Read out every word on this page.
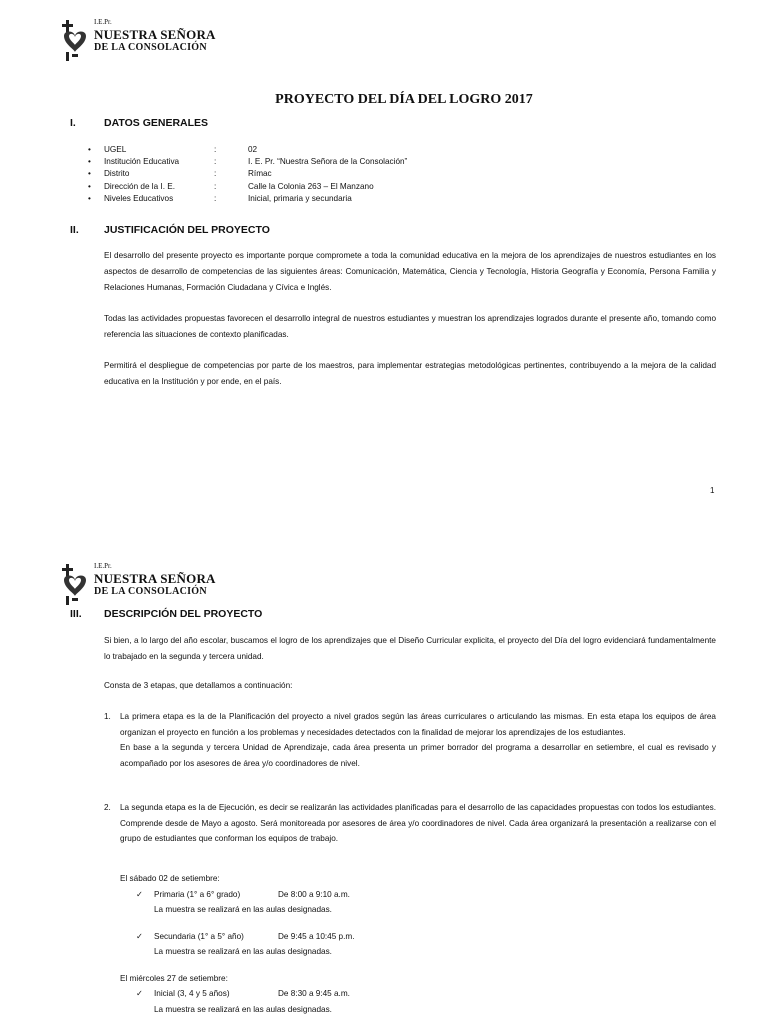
I.E.Pr.
NUESTRA SEÑORA
DE LA CONSOLACIÓN
PROYECTO DEL DÍA DEL LOGRO 2017
I.	DATOS GENERALES
•	UGEL	:	02
•	Institución Educativa	:	I. E. Pr. “Nuestra Señora de la Consolación”
•	Distrito	:	Rímac
•	Dirección de la I. E.	:	Calle la Colonia 263 – El Manzano
•	Niveles Educativos	:	Inicial, primaria y secundaria
II.	JUSTIFICACIÓN DEL PROYECTO
El desarrollo del presente proyecto es importante porque compromete a toda la comunidad educativa en la mejora de los aprendizajes de nuestros estudiantes en los aspectos de desarrollo de competencias de las siguientes áreas: Comunicación, Matemática, Ciencia y Tecnología, Historia Geografía y Economía, Persona Familia y Relaciones Humanas, Formación Ciudadana y Cívica e Inglés.
Todas las actividades propuestas favorecen el desarrollo integral de nuestros estudiantes y muestran los aprendizajes logrados durante el presente año, tomando como referencia las situaciones de contexto planificadas.
Permitirá el despliegue de competencias por parte de los maestros, para implementar estrategias metodológicas pertinentes, contribuyendo a la mejora de la calidad educativa en la Institución y por ende, en el país.
1
I.E.Pr.
NUESTRA SEÑORA
DE LA CONSOLACIÓN
III.	DESCRIPCIÓN DEL PROYECTO
Si bien, a lo largo del año escolar, buscamos el logro de los aprendizajes que el Diseño Curricular explicita, el proyecto del Día del logro evidenciará fundamentalmente lo trabajado en la segunda y tercera unidad.
Consta de 3 etapas, que detallamos a continuación:
1.	La primera etapa es la de la Planificación del proyecto a nivel grados según las áreas curriculares o articulando las mismas. En esta etapa los equipos de área organizan el proyecto en función a los problemas y necesidades detectados con la finalidad de mejorar los aprendizajes de los estudiantes.
En base a la segunda y tercera Unidad de Aprendizaje, cada área presenta un primer borrador del programa a desarrollar en setiembre, el cual es revisado y acompañado por los asesores de área y/o coordinadores de nivel.
2.	La segunda etapa es la de Ejecución, es decir se realizarán las actividades planificadas para el desarrollo de las capacidades propuestas con todos los estudiantes. Comprende desde de Mayo a agosto. Será monitoreada por asesores de área y/o coordinadores de nivel. Cada área organizará la presentación a realizarse con el grupo de estudiantes que conforman los equipos de trabajo.
El sábado 02 de setiembre:
✓	Primaria (1° a 6° grado)	De 8:00 a 9:10 a.m.
La muestra se realizará en las aulas designadas.
✓	Secundaria (1° a 5° año)	De 9:45 a 10:45 p.m.
La muestra se realizará en las aulas designadas.
El miércoles 27 de setiembre:
✓	Inicial (3, 4 y 5 años)	De 8:30 a 9:45 a.m.
La muestra se realizará en las aulas designadas.
